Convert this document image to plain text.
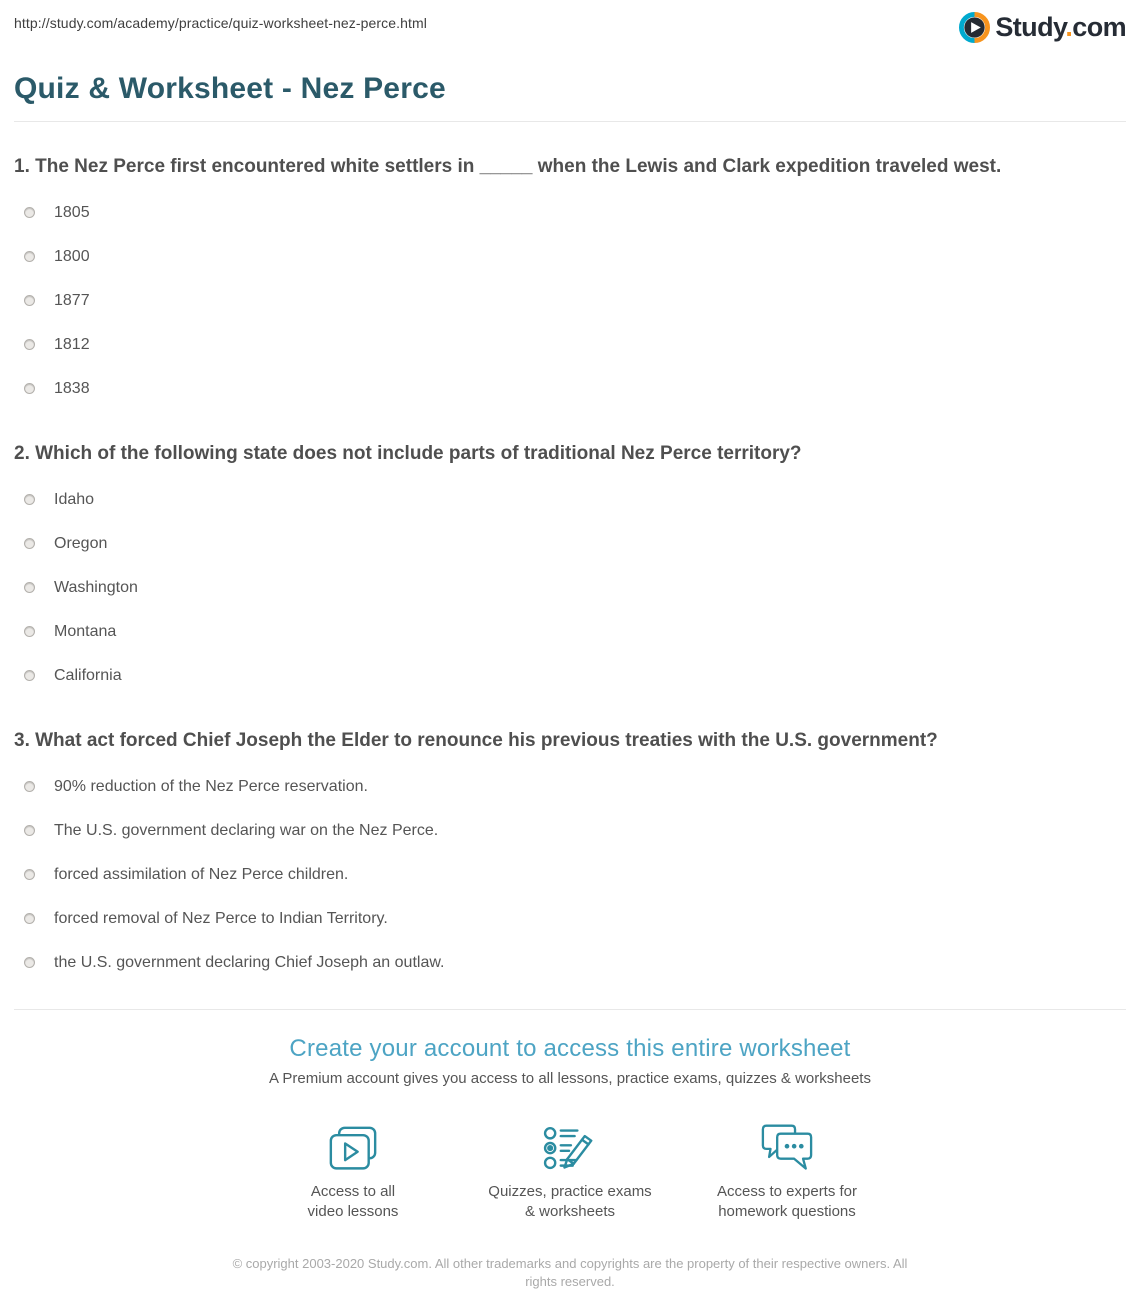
http://study.com/academy/practice/quiz-worksheet-nez-perce.html	Study.com
Quiz & Worksheet - Nez Perce
1. The Nez Perce first encountered white settlers in _____ when the Lewis and Clark expedition traveled west.
1805
1800
1877
1812
1838
2. Which of the following state does not include parts of traditional Nez Perce territory?
Idaho
Oregon
Washington
Montana
California
3. What act forced Chief Joseph the Elder to renounce his previous treaties with the U.S. government?
90% reduction of the Nez Perce reservation.
The U.S. government declaring war on the Nez Perce.
forced assimilation of Nez Perce children.
forced removal of Nez Perce to Indian Territory.
the U.S. government declaring Chief Joseph an outlaw.
Create your account to access this entire worksheet
A Premium account gives you access to all lessons, practice exams, quizzes & worksheets
Access to all
video lessons
Quizzes, practice exams
& worksheets
Access to experts for
homework questions
© copyright 2003-2020 Study.com. All other trademarks and copyrights are the property of their respective owners. All rights reserved.
